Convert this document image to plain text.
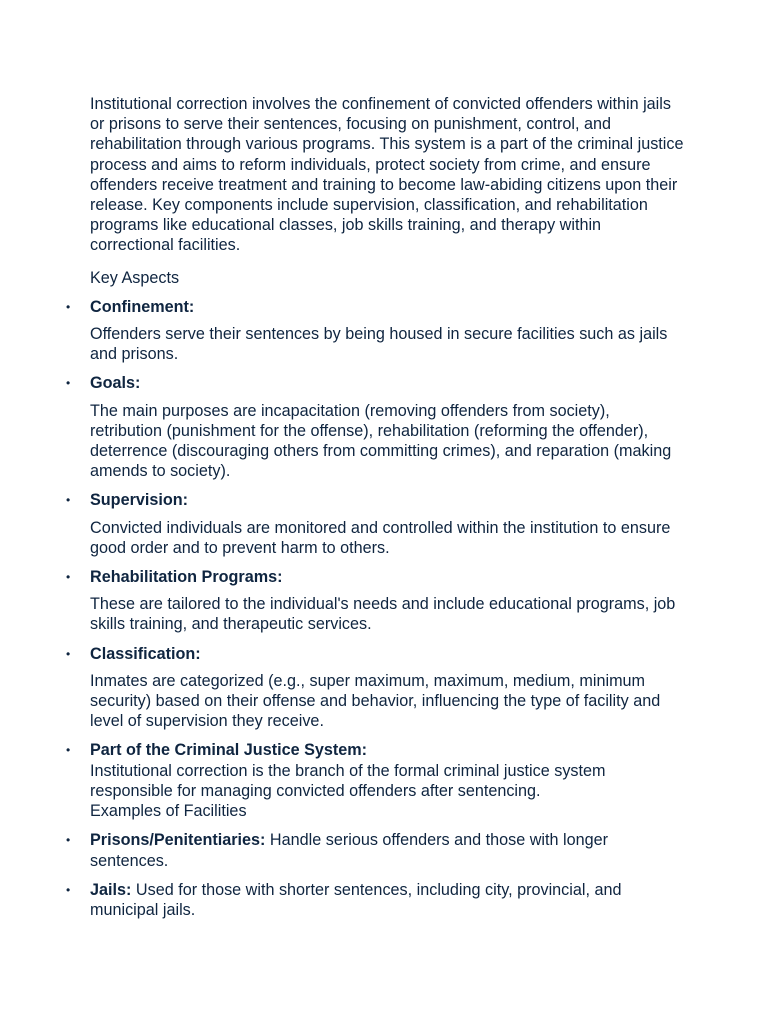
Institutional correction involves the confinement of convicted offenders within jails or prisons to serve their sentences, focusing on punishment, control, and rehabilitation through various programs. This system is a part of the criminal justice process and aims to reform individuals, protect society from crime, and ensure offenders receive treatment and training to become law-abiding citizens upon their release. Key components include supervision, classification, and rehabilitation programs like educational classes, job skills training, and therapy within correctional facilities.

Key Aspects

• Confinement:

Offenders serve their sentences by being housed in secure facilities such as jails and prisons.

• Goals:

The main purposes are incapacitation (removing offenders from society), retribution (punishment for the offense), rehabilitation (reforming the offender), deterrence (discouraging others from committing crimes), and reparation (making amends to society).

• Supervision:

Convicted individuals are monitored and controlled within the institution to ensure good order and to prevent harm to others.

• Rehabilitation Programs:

These are tailored to the individual's needs and include educational programs, job skills training, and therapeutic services.

• Classification:

Inmates are categorized (e.g., super maximum, maximum, medium, minimum security) based on their offense and behavior, influencing the type of facility and level of supervision they receive.

• Part of the Criminal Justice System:

Institutional correction is the branch of the formal criminal justice system responsible for managing convicted offenders after sentencing.

Examples of Facilities

• Prisons/Penitentiaries: Handle serious offenders and those with longer sentences.

• Jails: Used for those with shorter sentences, including city, provincial, and municipal jails.
